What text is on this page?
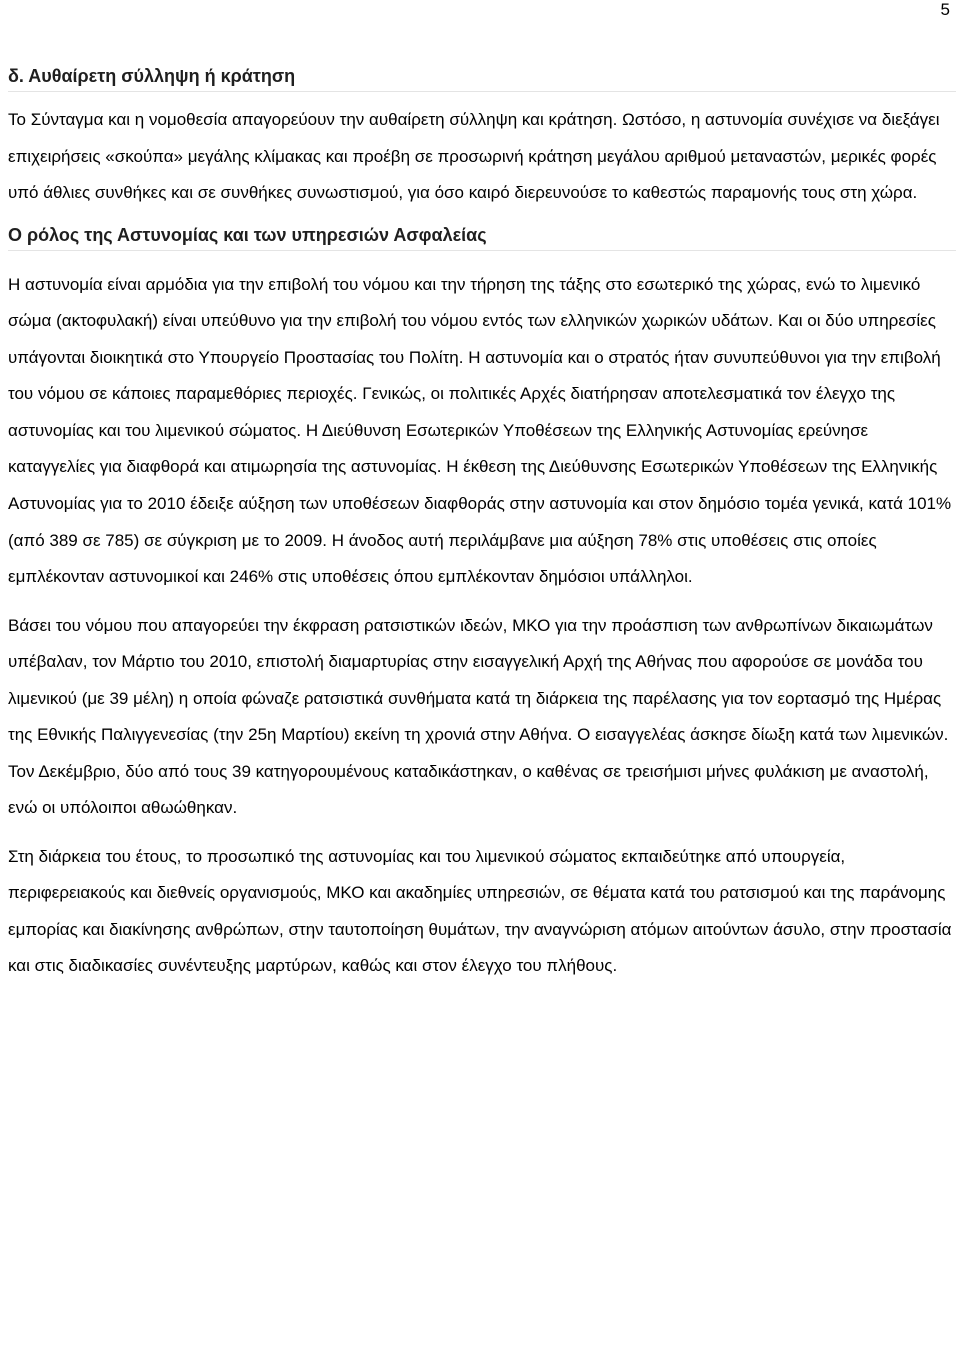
5
δ. Αυθαίρετη σύλληψη ή κράτηση

Το Σύνταγμα και η νομοθεσία απαγορεύουν την αυθαίρετη σύλληψη και κράτηση. Ωστόσο, η αστυνομία συνέχισε να διεξάγει επιχειρήσεις «σκούπα» μεγάλης κλίμακας και προέβη σε προσωρινή κράτηση μεγάλου αριθμού μεταναστών, μερικές φορές υπό άθλιες συνθήκες και σε συνθήκες συνωστισμού, για όσο καιρό διερευνούσε το καθεστώς παραμονής τους στη χώρα.

Ο ρόλος της Αστυνομίας και των υπηρεσιών Ασφαλείας

Η αστυνομία είναι αρμόδια για την επιβολή του νόμου και την τήρηση της τάξης στο εσωτερικό της χώρας, ενώ το λιμενικό σώμα (ακτοφυλακή) είναι υπεύθυνο για την επιβολή του νόμου εντός των ελληνικών χωρικών υδάτων. Και οι δύο υπηρεσίες υπάγονται διοικητικά στο Υπουργείο Προστασίας του Πολίτη. Η αστυνομία και ο στρατός ήταν συνυπεύθυνοι για την επιβολή του νόμου σε κάποιες παραμεθόριες περιοχές. Γενικώς, οι πολιτικές Αρχές διατήρησαν αποτελεσματικά τον έλεγχο της αστυνομίας και του λιμενικού σώματος. Η Διεύθυνση Εσωτερικών Υποθέσεων της Ελληνικής Αστυνομίας ερεύνησε καταγγελίες για διαφθορά και ατιμωρησία της αστυνομίας. Η έκθεση της Διεύθυνσης Εσωτερικών Υποθέσεων της Ελληνικής Αστυνομίας για το 2010 έδειξε αύξηση των υποθέσεων διαφθοράς στην αστυνομία και στον δημόσιο τομέα γενικά, κατά 101% (από 389 σε 785) σε σύγκριση με το 2009. Η άνοδος αυτή περιλάμβανε μια αύξηση 78% στις υποθέσεις στις οποίες εμπλέκονταν αστυνομικοί και 246% στις υποθέσεις όπου εμπλέκονταν δημόσιοι υπάλληλοι.

Βάσει του νόμου που απαγορεύει την έκφραση ρατσιστικών ιδεών, ΜΚΟ για την προάσπιση των ανθρωπίνων δικαιωμάτων υπέβαλαν, τον Μάρτιο του 2010, επιστολή διαμαρτυρίας στην εισαγγελική Αρχή της Αθήνας που αφορούσε σε μονάδα του λιμενικού (με 39 μέλη) η οποία φώναζε ρατσιστικά συνθήματα κατά τη διάρκεια της παρέλασης για τον εορτασμό της Ημέρας της Εθνικής Παλιγγενεσίας (την 25η Μαρτίου) εκείνη τη χρονιά στην Αθήνα. Ο εισαγγελέας άσκησε δίωξη κατά των λιμενικών. Τον Δεκέμβριο, δύο από τους 39 κατηγορουμένους καταδικάστηκαν, ο καθένας σε τρεισήμισι μήνες φυλάκιση με αναστολή, ενώ οι υπόλοιποι αθωώθηκαν.

Στη διάρκεια του έτους, το προσωπικό της αστυνομίας και του λιμενικού σώματος εκπαιδεύτηκε από υπουργεία, περιφερειακούς και διεθνείς οργανισμούς, ΜΚΟ και ακαδημίες υπηρεσιών, σε θέματα κατά του ρατσισμού και της παράνομης εμπορίας και διακίνησης ανθρώπων, στην ταυτοποίηση θυμάτων, την αναγνώριση ατόμων αιτούντων άσυλο, στην προστασία και στις διαδικασίες συνέντευξης μαρτύρων, καθώς και στον έλεγχο του πλήθους.
